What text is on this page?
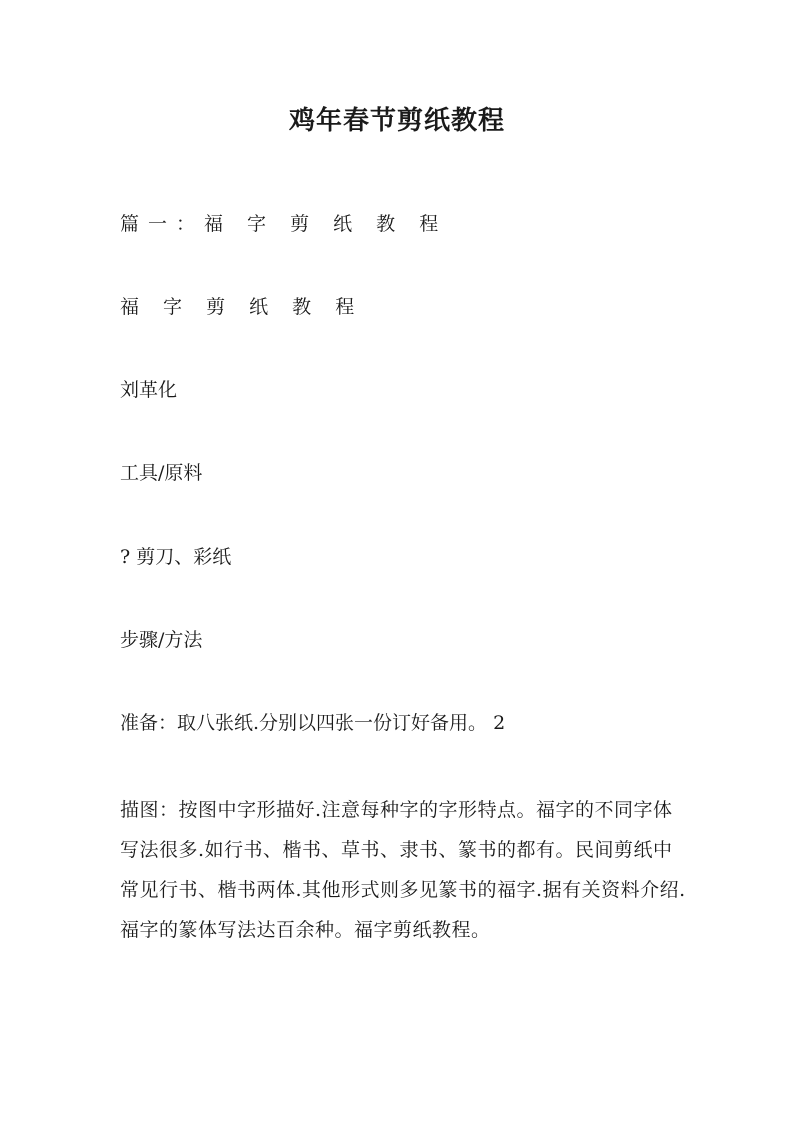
鸡年春节剪纸教程

篇一：福 字 剪 纸 教 程

福 字 剪 纸 教 程

刘革化

工具/原料

? 剪刀、彩纸

步骤/方法

准备：取八张纸.分别以四张一份订好备用。 2

描图：按图中字形描好.注意每种字的字形特点。福字的不同字体写法很多.如行书、楷书、草书、隶书、篆书的都有。民间剪纸中常见行书、楷书两体.其他形式则多见篆书的福字.据有关资料介绍.福字的篆体写法达百余种。福字剪纸教程。
